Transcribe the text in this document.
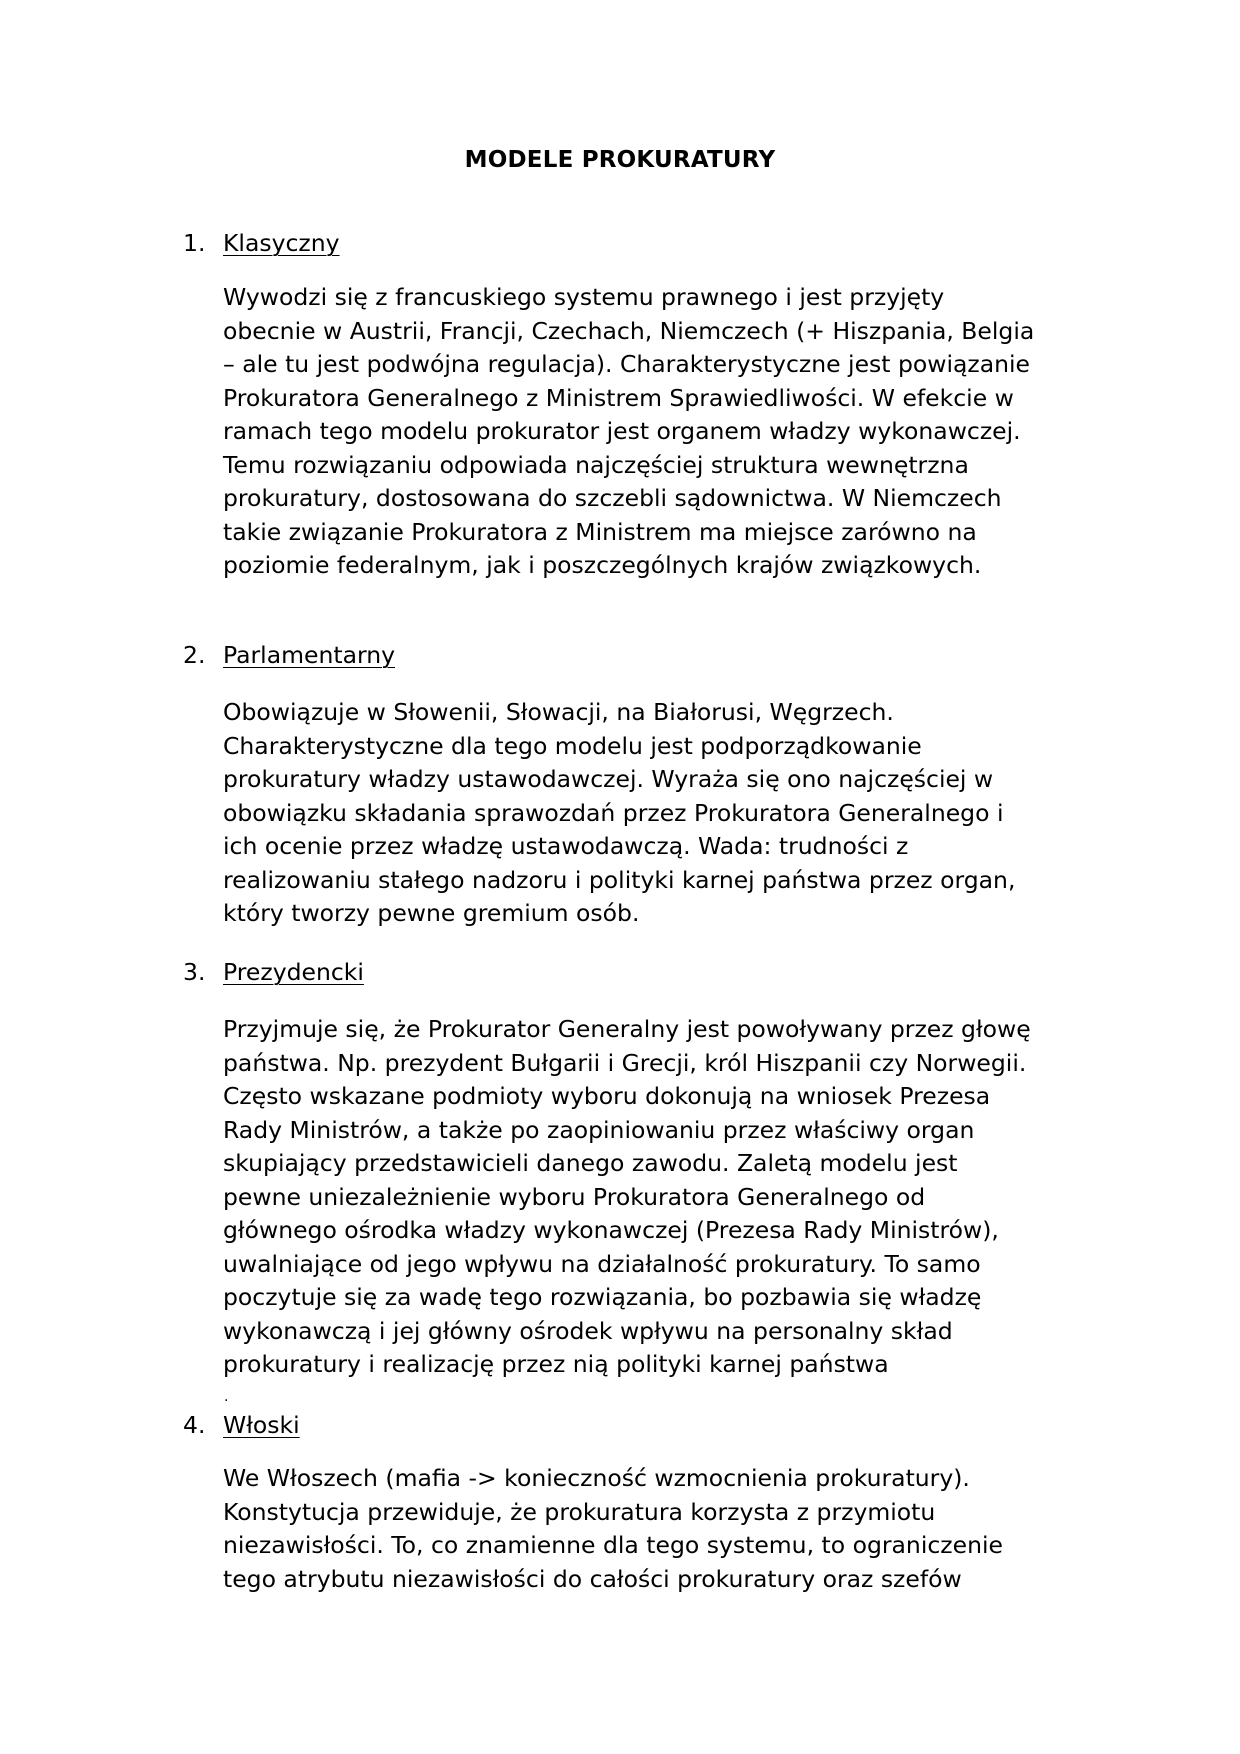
MODELE PROKURATURY
1. Klasyczny
Wywodzi się z francuskiego systemu prawnego i jest przyjęty
obecnie w Austrii, Francji, Czechach, Niemczech (+ Hiszpania, Belgia
– ale tu jest podwójna regulacja). Charakterystyczne jest powiązanie
Prokuratora Generalnego z Ministrem Sprawiedliwości. W efekcie w
ramach tego modelu prokurator jest organem władzy wykonawczej.
Temu rozwiązaniu odpowiada najczęściej struktura wewnętrzna
prokuratury, dostosowana do szczebli sądownictwa. W Niemczech
takie związanie Prokuratora z Ministrem ma miejsce zarówno na
poziomie federalnym, jak i poszczególnych krajów związkowych.
2. Parlamentarny
Obowiązuje w Słowenii, Słowacji, na Białorusi, Węgrzech.
Charakterystyczne dla tego modelu jest podporządkowanie
prokuratury władzy ustawodawczej. Wyraża się ono najczęściej w
obowiązku składania sprawozdań przez Prokuratora Generalnego i
ich ocenie przez władzę ustawodawczą. Wada: trudności z
realizowaniu stałego nadzoru i polityki karnej państwa przez organ,
który tworzy pewne gremium osób.
3. Prezydencki
Przyjmuje się, że Prokurator Generalny jest powoływany przez głowę
państwa. Np. prezydent Bułgarii i Grecji, król Hiszpanii czy Norwegii.
Często wskazane podmioty wyboru dokonują na wniosek Prezesa
Rady Ministrów, a także po zaopiniowaniu przez właściwy organ
skupiający przedstawicieli danego zawodu. Zaletą modelu jest
pewne uniezależnienie wyboru Prokuratora Generalnego od
głównego ośrodka władzy wykonawczej (Prezesa Rady Ministrów),
uwalniające od jego wpływu na działalność prokuratury. To samo
poczytuje się za wadę tego rozwiązania, bo pozbawia się władzę
wykonawczą i jej główny ośrodek wpływu na personalny skład
prokuratury i realizację przez nią polityki karnej państwa
.
4. Włoski
We Włoszech (mafia -> konieczność wzmocnienia prokuratury).
Konstytucja przewiduje, że prokuratura korzysta z przymiotu
niezawisłości. To, co znamienne dla tego systemu, to ograniczenie
tego atrybutu niezawisłości do całości prokuratury oraz szefów
